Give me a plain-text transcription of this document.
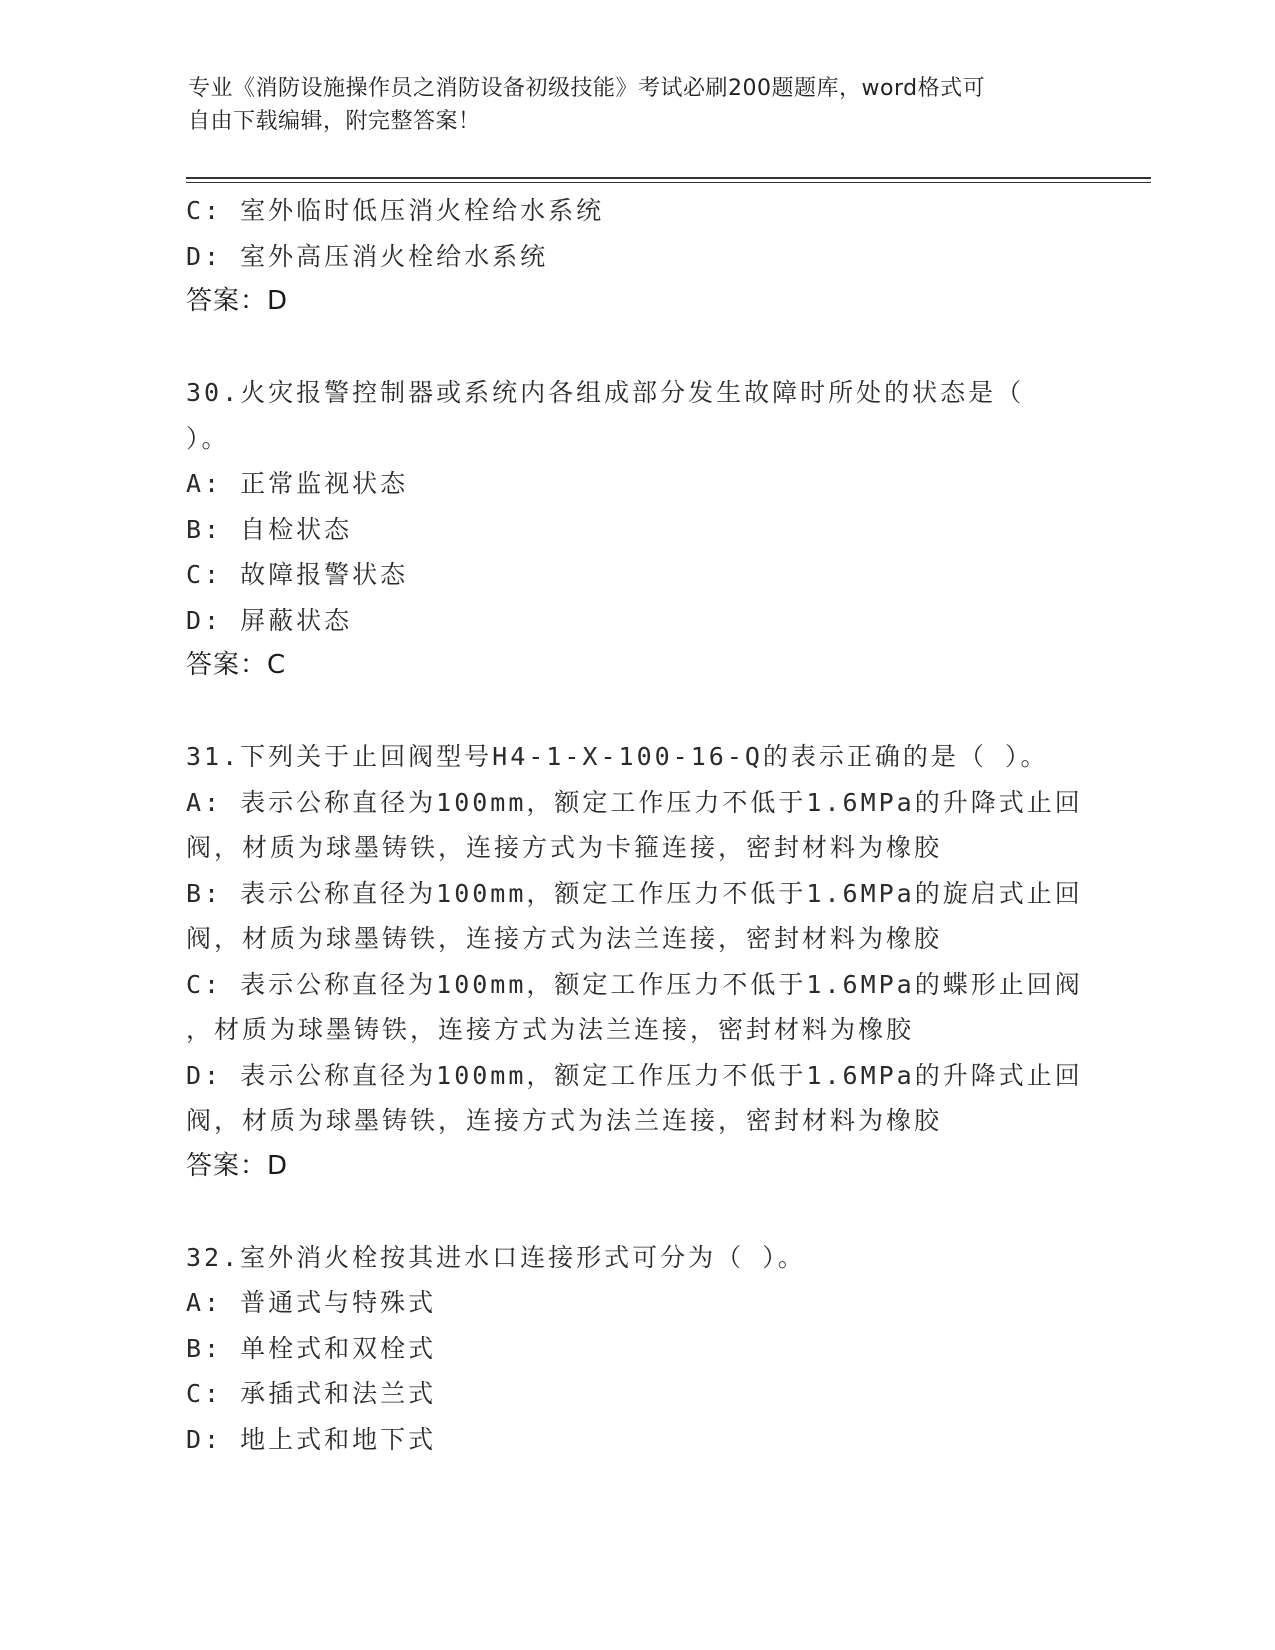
专业《消防设施操作员之消防设备初级技能》考试必刷200题题库，word格式可
自由下载编辑，附完整答案！
C: 室外临时低压消火栓给水系统
D: 室外高压消火栓给水系统
答案：D
30.火灾报警控制器或系统内各组成部分发生故障时所处的状态是（
）。
A: 正常监视状态
B: 自检状态
C: 故障报警状态
D: 屏蔽状态
答案：C
31.下列关于止回阀型号H4-1-X-100-16-Q的表示正确的是（ ）。
A: 表示公称直径为100mm，额定工作压力不低于1.6MPa的升降式止回
阀，材质为球墨铸铁，连接方式为卡箍连接，密封材料为橡胶
B: 表示公称直径为100mm，额定工作压力不低于1.6MPa的旋启式止回
阀，材质为球墨铸铁，连接方式为法兰连接，密封材料为橡胶
C: 表示公称直径为100mm，额定工作压力不低于1.6MPa的蝶形止回阀
，材质为球墨铸铁，连接方式为法兰连接，密封材料为橡胶
D: 表示公称直径为100mm，额定工作压力不低于1.6MPa的升降式止回
阀，材质为球墨铸铁，连接方式为法兰连接，密封材料为橡胶
答案：D
32.室外消火栓按其进水口连接形式可分为（ ）。
A: 普通式与特殊式
B: 单栓式和双栓式
C: 承插式和法兰式
D: 地上式和地下式
